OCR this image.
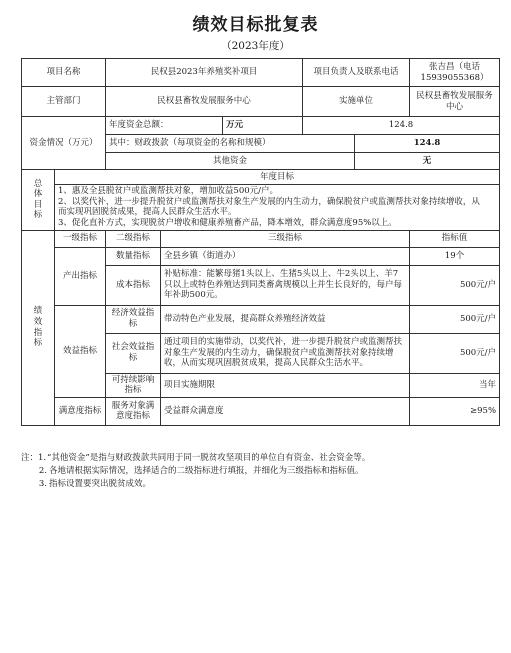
绩效目标批复表
（2023年度）
项目名称		民权县2023年养殖奖补项目			项目负责人及联系电话		张吉昌（电话15939055368）
主管部门		民权县畜牧发展服务中心			实施单位		民权县畜牧发展服务中心
资金情况（万元）		年度资金总额：		万元	124.8		
		其中：财政拨款（每项资金的名称和规模）				124.8	
		其他资金				无	
总体目标	年度目标						

	1、惠及全县脱贫户或监测帮扶对象，增加收益500元/户。
2、以奖代补，进一步提升脱贫户或监测帮扶对象生产发展的内生动力，确保脱贫户或监测帮扶对象持续增收，从
而实现巩固脱贫成果，提高人民群众生活水平。
3、促化直补方式，实现脱贫户增收和健康养殖畜产品，降本增效，群众满意度95%以上。						

绩效指标	一级指标	二级指标	三级指标				指标值
	产出指标	数量指标	全县乡镇（街道办）				19个
		成本指标	补贴标准：能繁母猪1头以上、生猪5头以上、牛2头以上、羊7只以上或特色养殖达到同类畜禽规模以上并生长良好的，每户每年补助500元。				500元/户
	效益指标	经济效益指标	带动特色产业发展，提高群众养殖经济效益				500元/户
		社会效益指标	通过项目的实施带动，以奖代补，进一步提升脱贫户或监测帮扶对象生产发展的内生动力，确保脱贫户或监测帮扶对象持续增收，从而实现巩固脱贫成果，提高人民群众生活水平。				500元/户
		可持续影响指标	项目实施期限				当年
	满意度指标	服务对象满意度指标	受益群众满意度				≥95%
注：1. “其他资金”是指与财政拨款共同用于同一脱贫攻坚项目的单位自有资金、社会资金等。
2. 各地请根据实际情况，选择适合的二级指标进行填报，并细化为三级指标和指标值。
3. 指标设置要突出脱贫成效。
